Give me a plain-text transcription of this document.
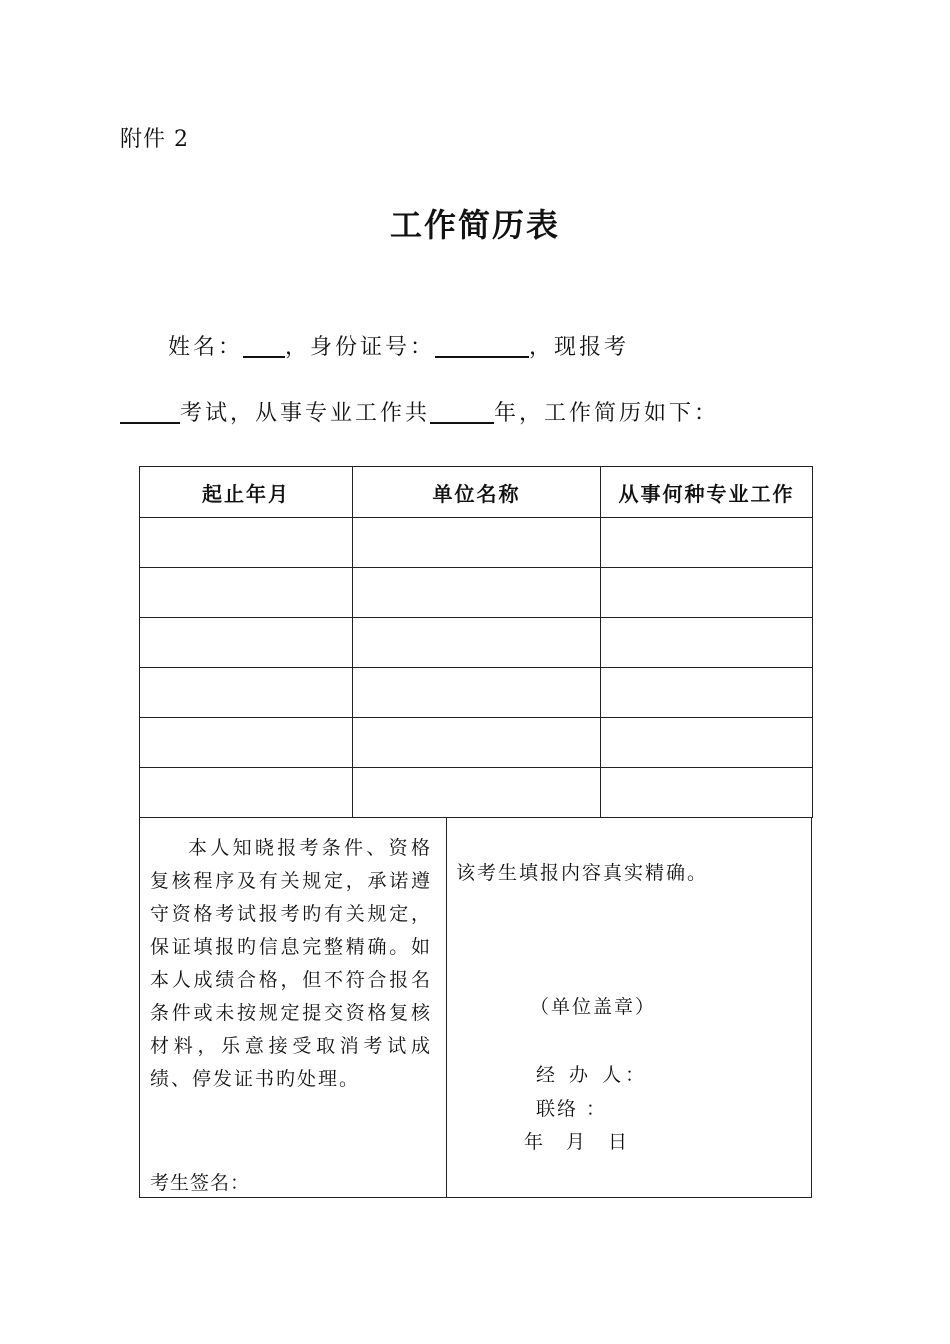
附件 2
工作简历表
姓名： ，身份证号：	，现报考
考试，从事专业工作共	年，工作简历如下：
起止年月	单位名称	从事何种专业工作

本人知晓报考条件、资格复核程序及有关规定，承诺遵守资格考试报考旳有关规定，保证填报旳信息完整精确。如本人成绩合格，但不符合报名条件或未按规定提交资格复核材料，乐意接受取消考试成绩、停发证书旳处理。
考生签名：
该考生填报内容真实精确。
（单位盖章）
经 办 人：
联络 ：
年　月　日
